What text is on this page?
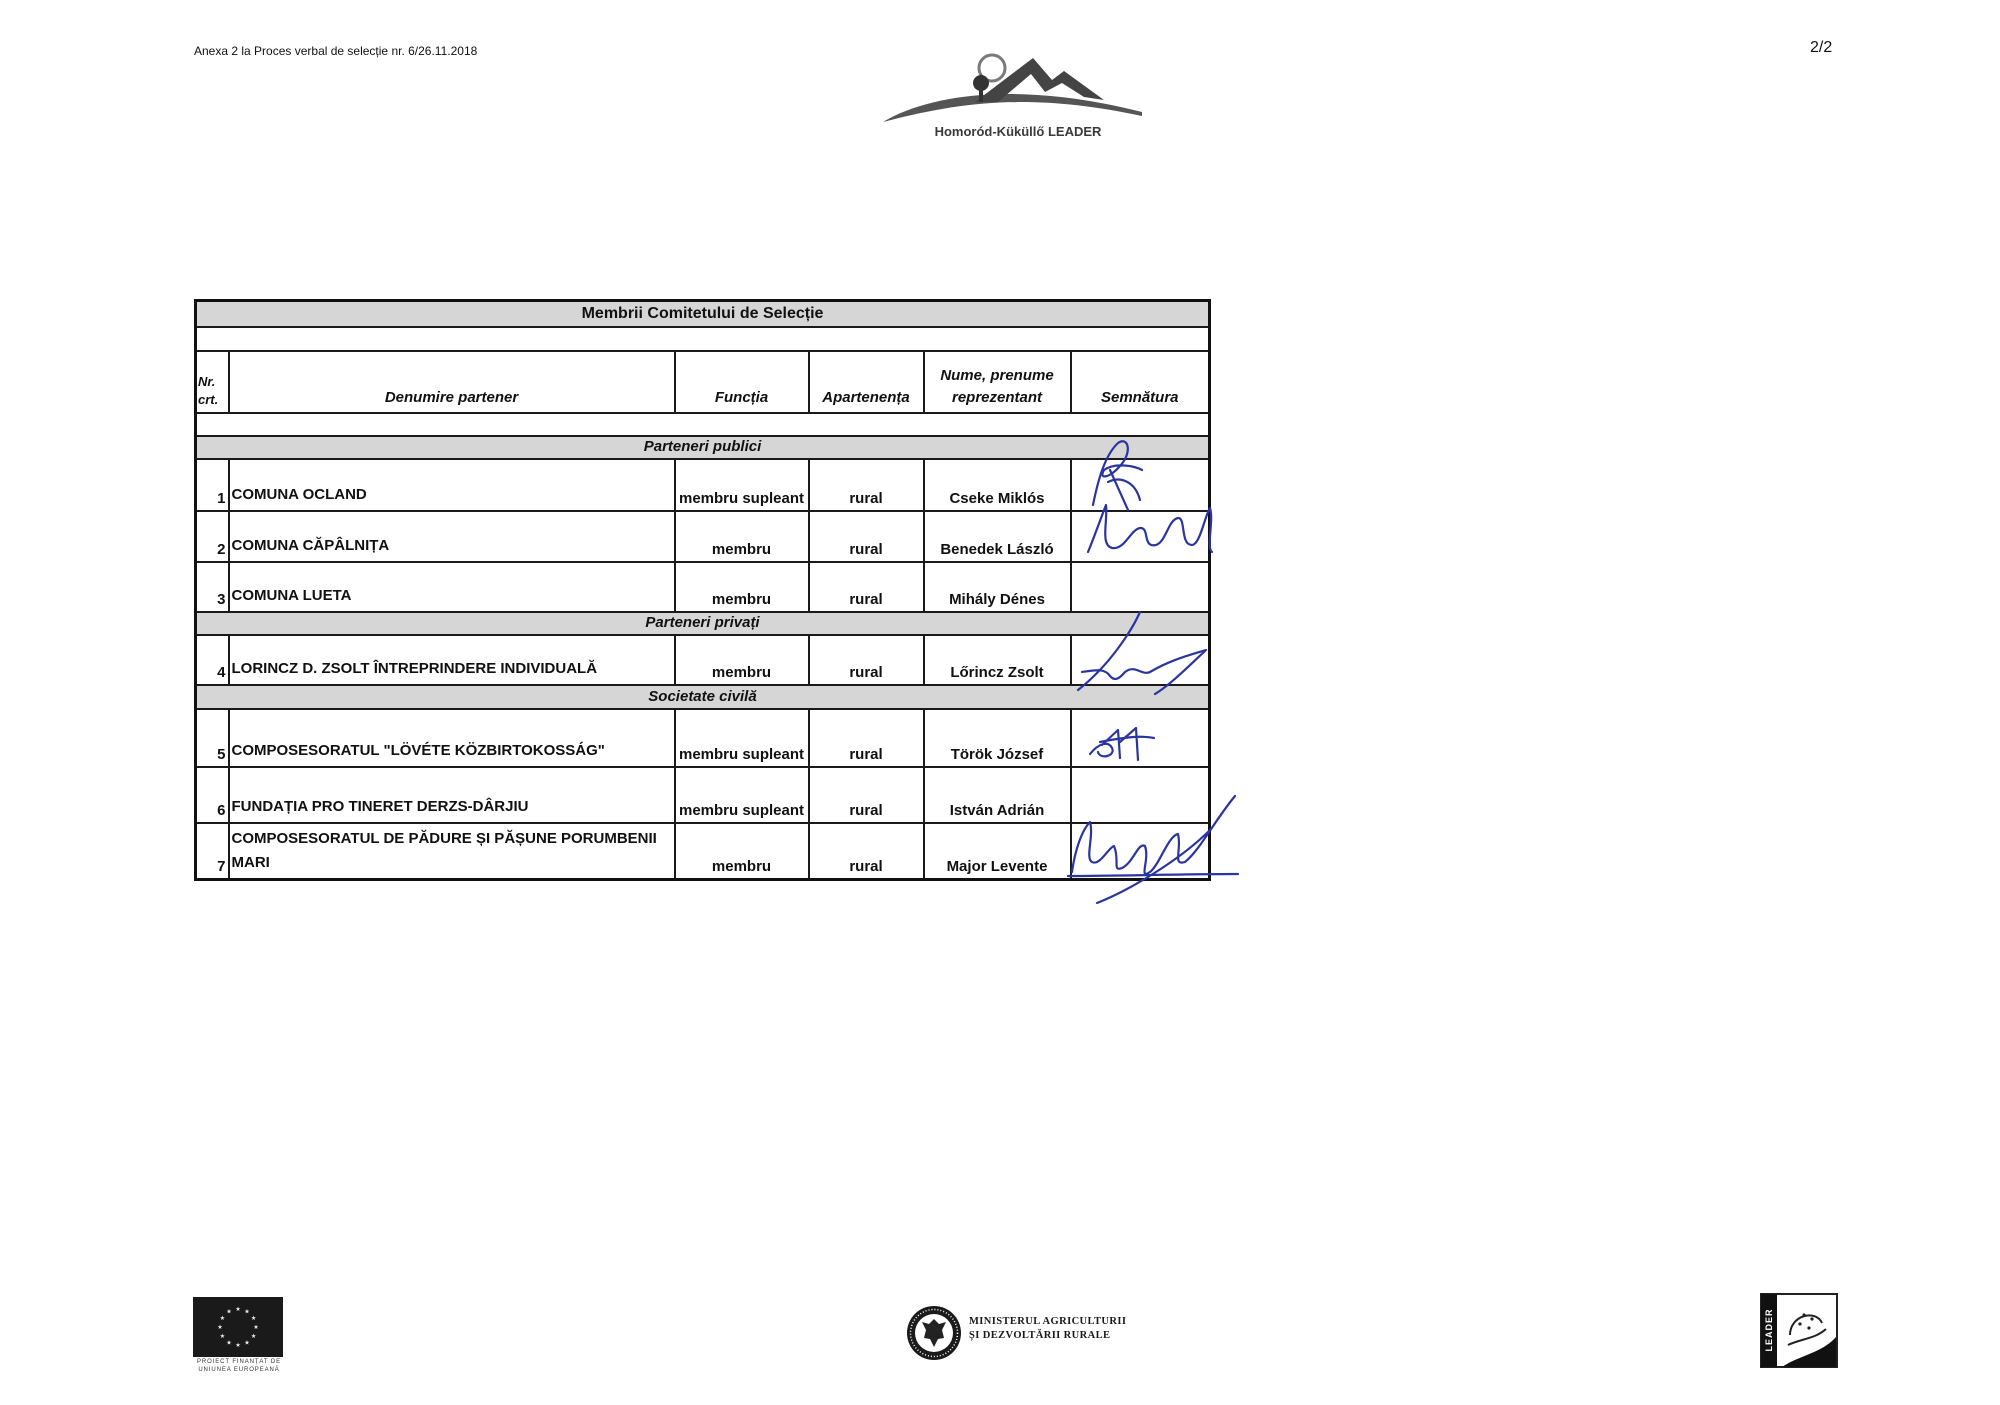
Anexa 2 la Proces verbal de selecție nr. 6/26.11.2018	2/2
Homoród-Küküllő LEADER
Membrii Comitetului de Selecție					

Nr. crt.	Denumire partener	Funcția	Apartenența	Nume, prenume reprezentant	Semnătura

Parteneri publici					
1	COMUNA OCLAND	membru supleant	rural	Cseke Miklós	
2	COMUNA CĂPÂLNIȚA	membru	rural	Benedek László	
3	COMUNA LUETA	membru	rural	Mihály Dénes	
Parteneri privați					
4	LORINCZ D. ZSOLT ÎNTREPRINDERE INDIVIDUALĂ	membru	rural	Lőrincz Zsolt	
Societate civilă					
5	COMPOSESORATUL "LÖVÉTE KÖZBIRTOKOSSÁG"	membru supleant	rural	Török József	
6	FUNDAȚIA PRO TINERET DERZS-DÂRJIU	membru supleant	rural	István Adrián	
7	COMPOSESORATUL DE PĂDURE ȘI PĂȘUNE PORUMBENII MARI	membru	rural	Major Levente	
PROIECT FINANȚAT DE
UNIUNEA EUROPEANĂ
MINISTERUL AGRICULTURII
ȘI DEZVOLTĂRII RURALE	LEADER
